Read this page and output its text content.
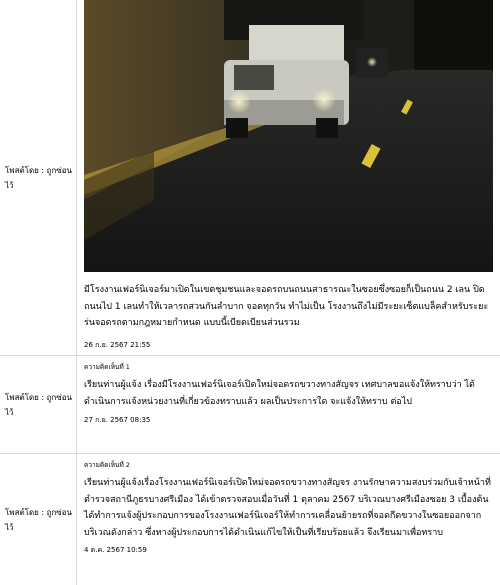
โพสต์โดย : ถูกซ่อนไว้
มีโรงงานเฟอร์นิเจอร์มาเปิดในเขตชุมชนและจอดรถบนถนนสาธารณะในซอยซึ่งซอยก็เป็นถนน 2 เลน ปิดถนนไป 1 เลนทำให้เวลารถสวนกันลำบาก จอดทุกวัน ทำไม่เป็น โรงงานถึงไม่มีระยะเซ็ตแบล็คสำหรับระยะร่นจอดรถตามกฎหมายกำหนด แบบนี้เบียดเบียนส่วนรวม
26 ก.ย. 2567 21:55
โพสต์โดย : ถูกซ่อนไว้
ความคิดเห็นที่ 1
เรียนท่านผู้แจ้ง เรื่องมีโรงงานเฟอร์นิเจอร์เปิดใหม่จอดรถขวางทางสัญจร เทศบาลขอแจ้งให้ทราบว่า ได้ดำเนินการแจ้งหน่วยงานที่เกี่ยวข้องทราบแล้ว ผลเป็นประการใด จะแจ้งให้ทราบ ต่อไป
27 ก.ย. 2567 08:35
โพสต์โดย : ถูกซ่อนไว้
ความคิดเห็นที่ 2
เรียนท่านผู้แจ้งเรื่องโรงงานเฟอร์นิเจอร์เปิดใหม่จอดรถขวางทางสัญจร งานรักษาความสงบร่วมกับเจ้าหน้าที่ตำรวจสถานีภูธรบางศรีเมือง ได้เข้าตรวจสอบเมื่อวันที่ 1 ตุลาคม 2567 บริเวณบางศรีเมืองซอย 3 เบื้องต้นได้ทำการแจ้งผู้ประกอบการของโรงงานเฟอร์นิเจอร์ให้ทำการเคลื่อนย้ายรถที่จอดกีดขวางในซอยออกจากบริเวณดังกล่าว ซึ่งทางผู้ประกอบการได้ดำเนินแก้ไขให้เป็นที่เรียบร้อยแล้ว จึงเรียนมาเพื่อทราบ
4 ต.ค. 2567 10:59
